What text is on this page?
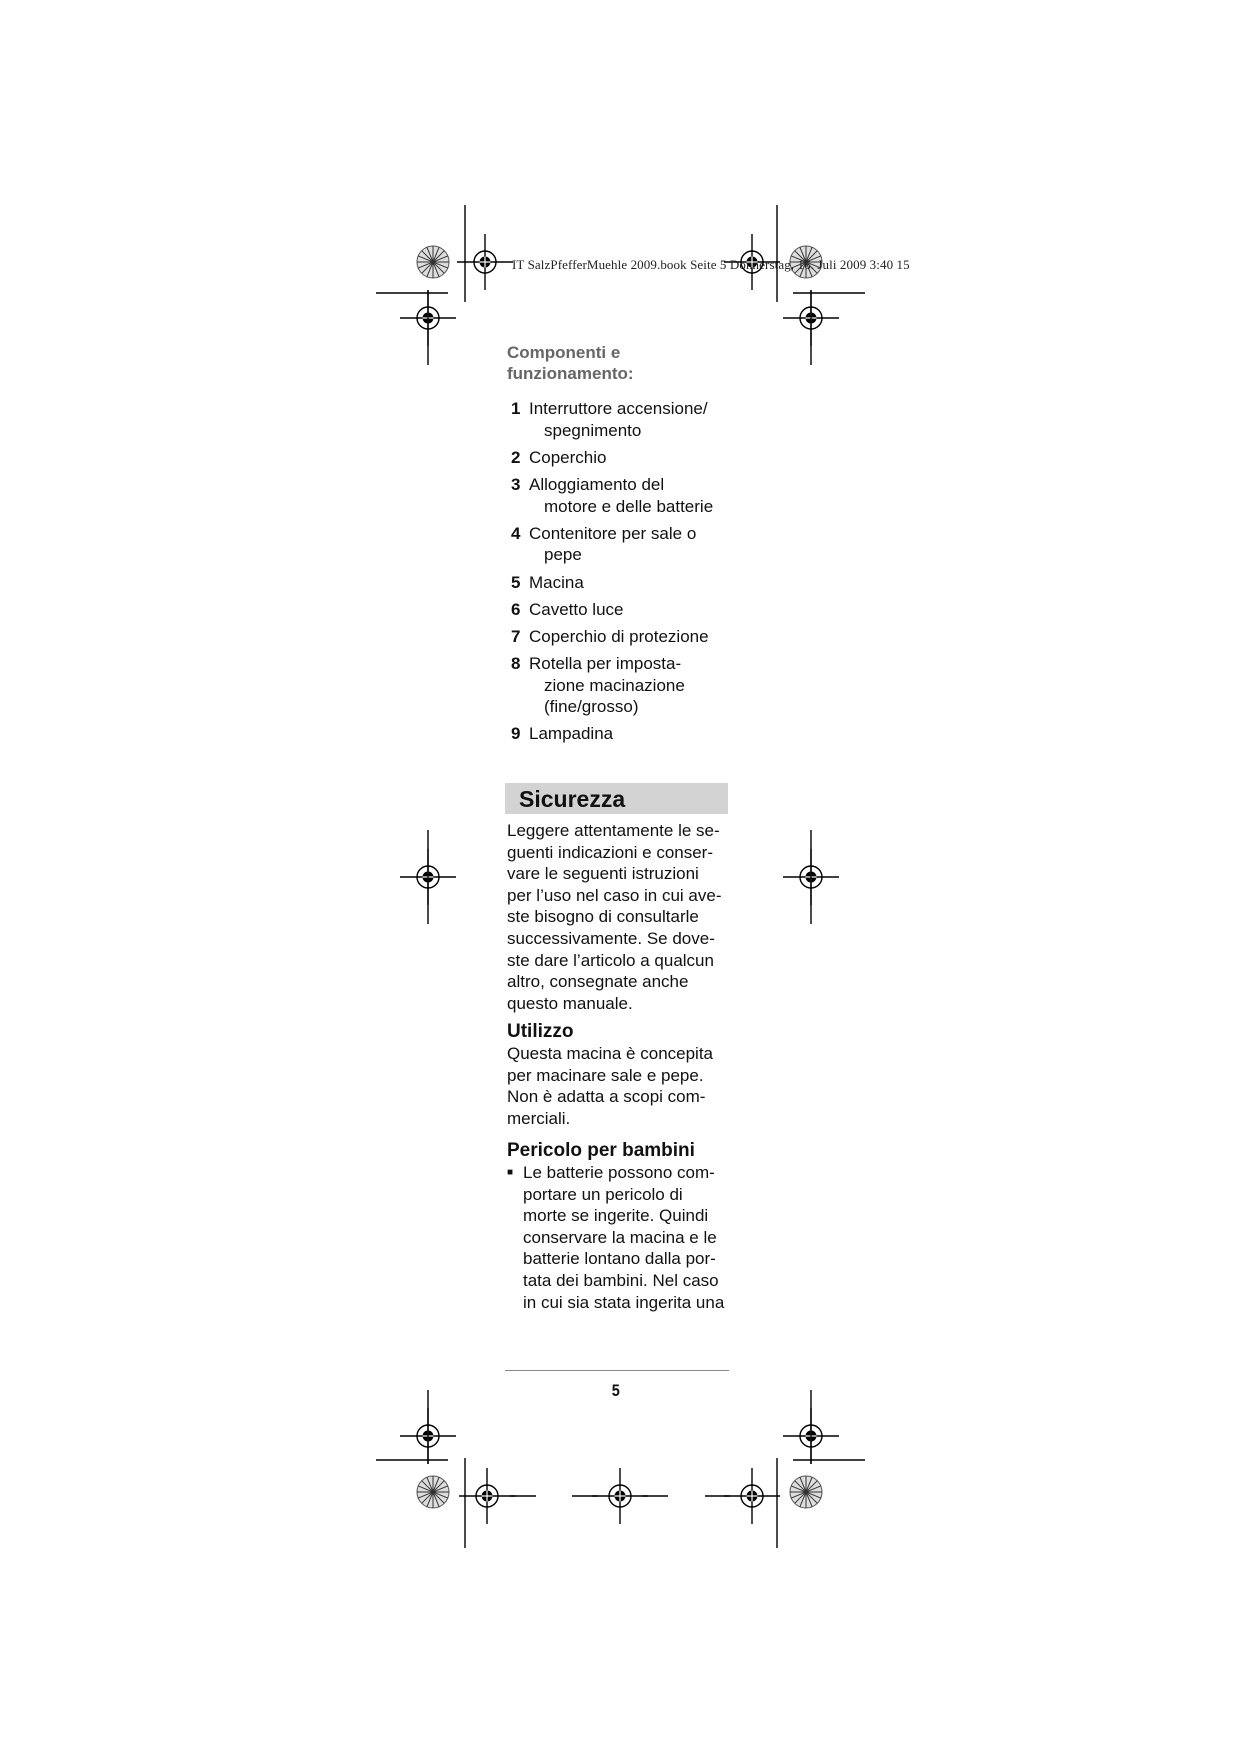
IT SalzPfefferMuehle 2009.book Seite 5 Donnerstag, 16. Juli 2009 3:40 15
Componenti e
funzionamento:
1 Interruttore accensione/
spegnimento
2 Coperchio
3 Alloggiamento del
motore e delle batterie
4 Contenitore per sale o
pepe
5 Macina
6 Cavetto luce
7 Coperchio di protezione
8 Rotella per imposta-
zione macinazione
(fine/grosso)
9 Lampadina
Sicurezza
Leggere attentamente le se-
guenti indicazioni e conser-
vare le seguenti istruzioni
per l’uso nel caso in cui ave-
ste bisogno di consultarle
successivamente. Se dove-
ste dare l’articolo a qualcun
altro, consegnate anche
questo manuale.
Utilizzo
Questa macina è concepita
per macinare sale e pepe.
Non è adatta a scopi com-
merciali.
Pericolo per bambini
■ Le batterie possono com-
portare un pericolo di
morte se ingerite. Quindi
conservare la macina e le
batterie lontano dalla por-
tata dei bambini. Nel caso
in cui sia stata ingerita una
5
